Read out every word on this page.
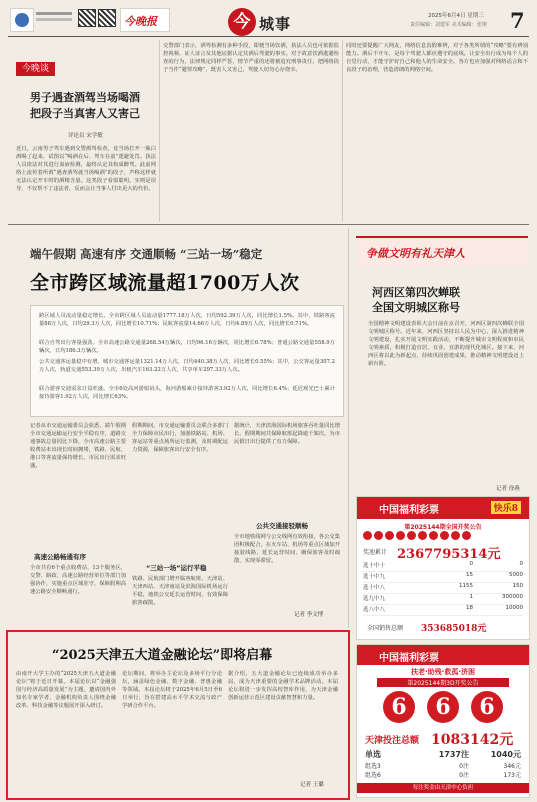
今晚报	今 城事	2025年6月4日 星期三
责任编辑：刘建军 美术编辑：张翔 7
今晚谈
男子遇查酒驾当场喝酒
把段子当真害人又害己
评论员 宋学敏
近日，云南男子驾车遇到交警酒驾检查，竟当场打开一瓶白酒喝了起来，试图以“喝酒在后、驾车在前”逃避处罚。执法人员依法对其进行血液检测，最终认定其构成醉驾。此前网络上流传着所谓“遇查酒驾就当场喝酒”的段子，声称这样就无法认定开车时的酒精含量。这类段子看似聪明，实则是误导，不仅帮不了违法者，反而会让当事人付出更大的代价。
交警部门表示，酒驾检测有多种手段，即便当场饮酒，执法人员也可依据监控视频、证人证言及其他证据认定其酒后驾驶的事实。对于故意饮酒逃避检查的行为，法律规定同样严惩，情节严重的还将被追究刑事责任。把网络段子当作“避罪攻略”，既害人又害己，驾驶人切勿心存侥幸。
同时还要提醒广大网友，网络信息真假难辨，对于各类所谓的“攻略”要有辨别能力。酒后不开车，是每个驾驶人都应遵守的底线。让安全出行成为每个人的自觉行动，才能守护好自己和他人的生命安全。各方也应加强对网络谣言和不良段子的治理，营造清朗的网络空间。
端午假期 高速有序 交通顺畅 “三站一场”稳定
全市跨区域流量超1700万人次
跨区域人员流动量稳定增长。全市跨区域人员流动量1777.18万人次，日均592.39万人次，同比增长1.5%。其中，铁路客流量88万人次，日均29.3万人次，同比增长10.71%；民航客流量14.66万人次，日均4.89万人次，同比增长0.71%。
联合自驾出行客量强劲。全市高速公路交通量268.54万辆次，日均96.16万辆次，同比增长6.78%；普通公路交通量558.9万辆次，日均186.3万辆次。
公共交通客运量稳中有增。城市交通客运量1321.14万人次，日均440.38万人次，同比增长0.55%；其中，公交客运量307.2万人次，轨道交通553.39万人次，出租汽车163.22万人次，共享单车297.33万人次。
联合游客交通需求日益旺盛。全市6处高河游船码头，海河游船累计接待游客3.92万人次，同比增长6.4%；延迟观光巴士累计接待游客1.92万人次，同比增长63%。
记者从市交通运输委员会获悉，端午假期全市交通运输运行安全平稳有序，道路交通事故总量同比下降，全市高速公路主要收费站未出现长时间拥堵，铁路、民航、港口等客流量保持增长，市民出行需求旺盛。
高速公路畅通有序
全市共有6个重点收费站、13个服务区，交警、路政、高速公路经营单位等部门加强协作，实施重点区域驻守，保障假期高速公路安全顺畅通行。
假期期间，市交通运输委员会联合多部门全力保障市民出行，加强铁路站、机场、客运站等重点场所运行监测，及时调配运力资源，保障旅客出行安全有序。
“三站一场”运行平稳
铁路、民航部门增开临客航班，天津站、天津西站、天津南站及滨海国际机场运行平稳，地铁公交延长运营时间，有效保障旅客疏散。
据统计，天津滨海国际机场旅客吞吐量同比增长，假期期间共保障航班起降逾千架次，为市民假日出行提供了有力保障。
公共交通接驳顺畅
全市地铁线网与公交线网有效衔接，各公交集团积极配合，在火车站、机场等重点区域加开接驳线路，延长运营时间，确保旅客及时疏散，实现零滞留。
记者 李文博
争做文明有礼天津人
河西区第四次蝉联
全国文明城区称号
全国精神文明建设表彰大会日前在京召开，河西区第四次蝉联全国文明城区称号。近年来，河西区坚持以人民为中心，深入推进精神文明建设，扎实开展文明实践活动，不断提升城市文明程度和市民文明素质，积极打造宜居、宜业、宜游的现代化城区。接下来，河西区将以此为新起点，持续巩固创建成果，推动精神文明建设迈上新台阶。
记者 徐燕
中国福利彩票	快乐8
第2025144期全国开奖公告
奖池累计 2367795314元
选十中十	0	0
选十中九	15	5000
选十中八	1155	150
选九中九	1	300000
选八中八	18	10000
全国销售总额 353685018元
中国福利彩票
扶老·助残·救孤·济困
第2025144期3D开奖公告
6	6	6
天津投注总额 1083142元
单选	1737注	1040元
组选3	0注	346元
组选6	0注	173元
每注奖金由天津中心负担
“2025天津五大道金融论坛”即将启幕
由南开大学主办的“2025天津五大道金融论坛”将于近日开幕。本届论坛以“金融强国与经济高质量发展”为主题，邀请国内外知名专家学者、金融机构负责人围绕金融改革、科技金融等议题展开深入研讨。
论坛期间，将举办主论坛及多场平行分论坛，涵盖绿色金融、数字金融、普惠金融等领域。本届论坛将于2025年6月5日至6日举行，旨在搭建高水平学术交流与政产学研合作平台。
据介绍，五大道金融论坛已连续成功举办多届，成为天津重要的金融学术品牌活动。本届论坛将进一步发挥高校智库作用，为天津金融创新运营示范区建设贡献智慧和力量。
记者 王璐
